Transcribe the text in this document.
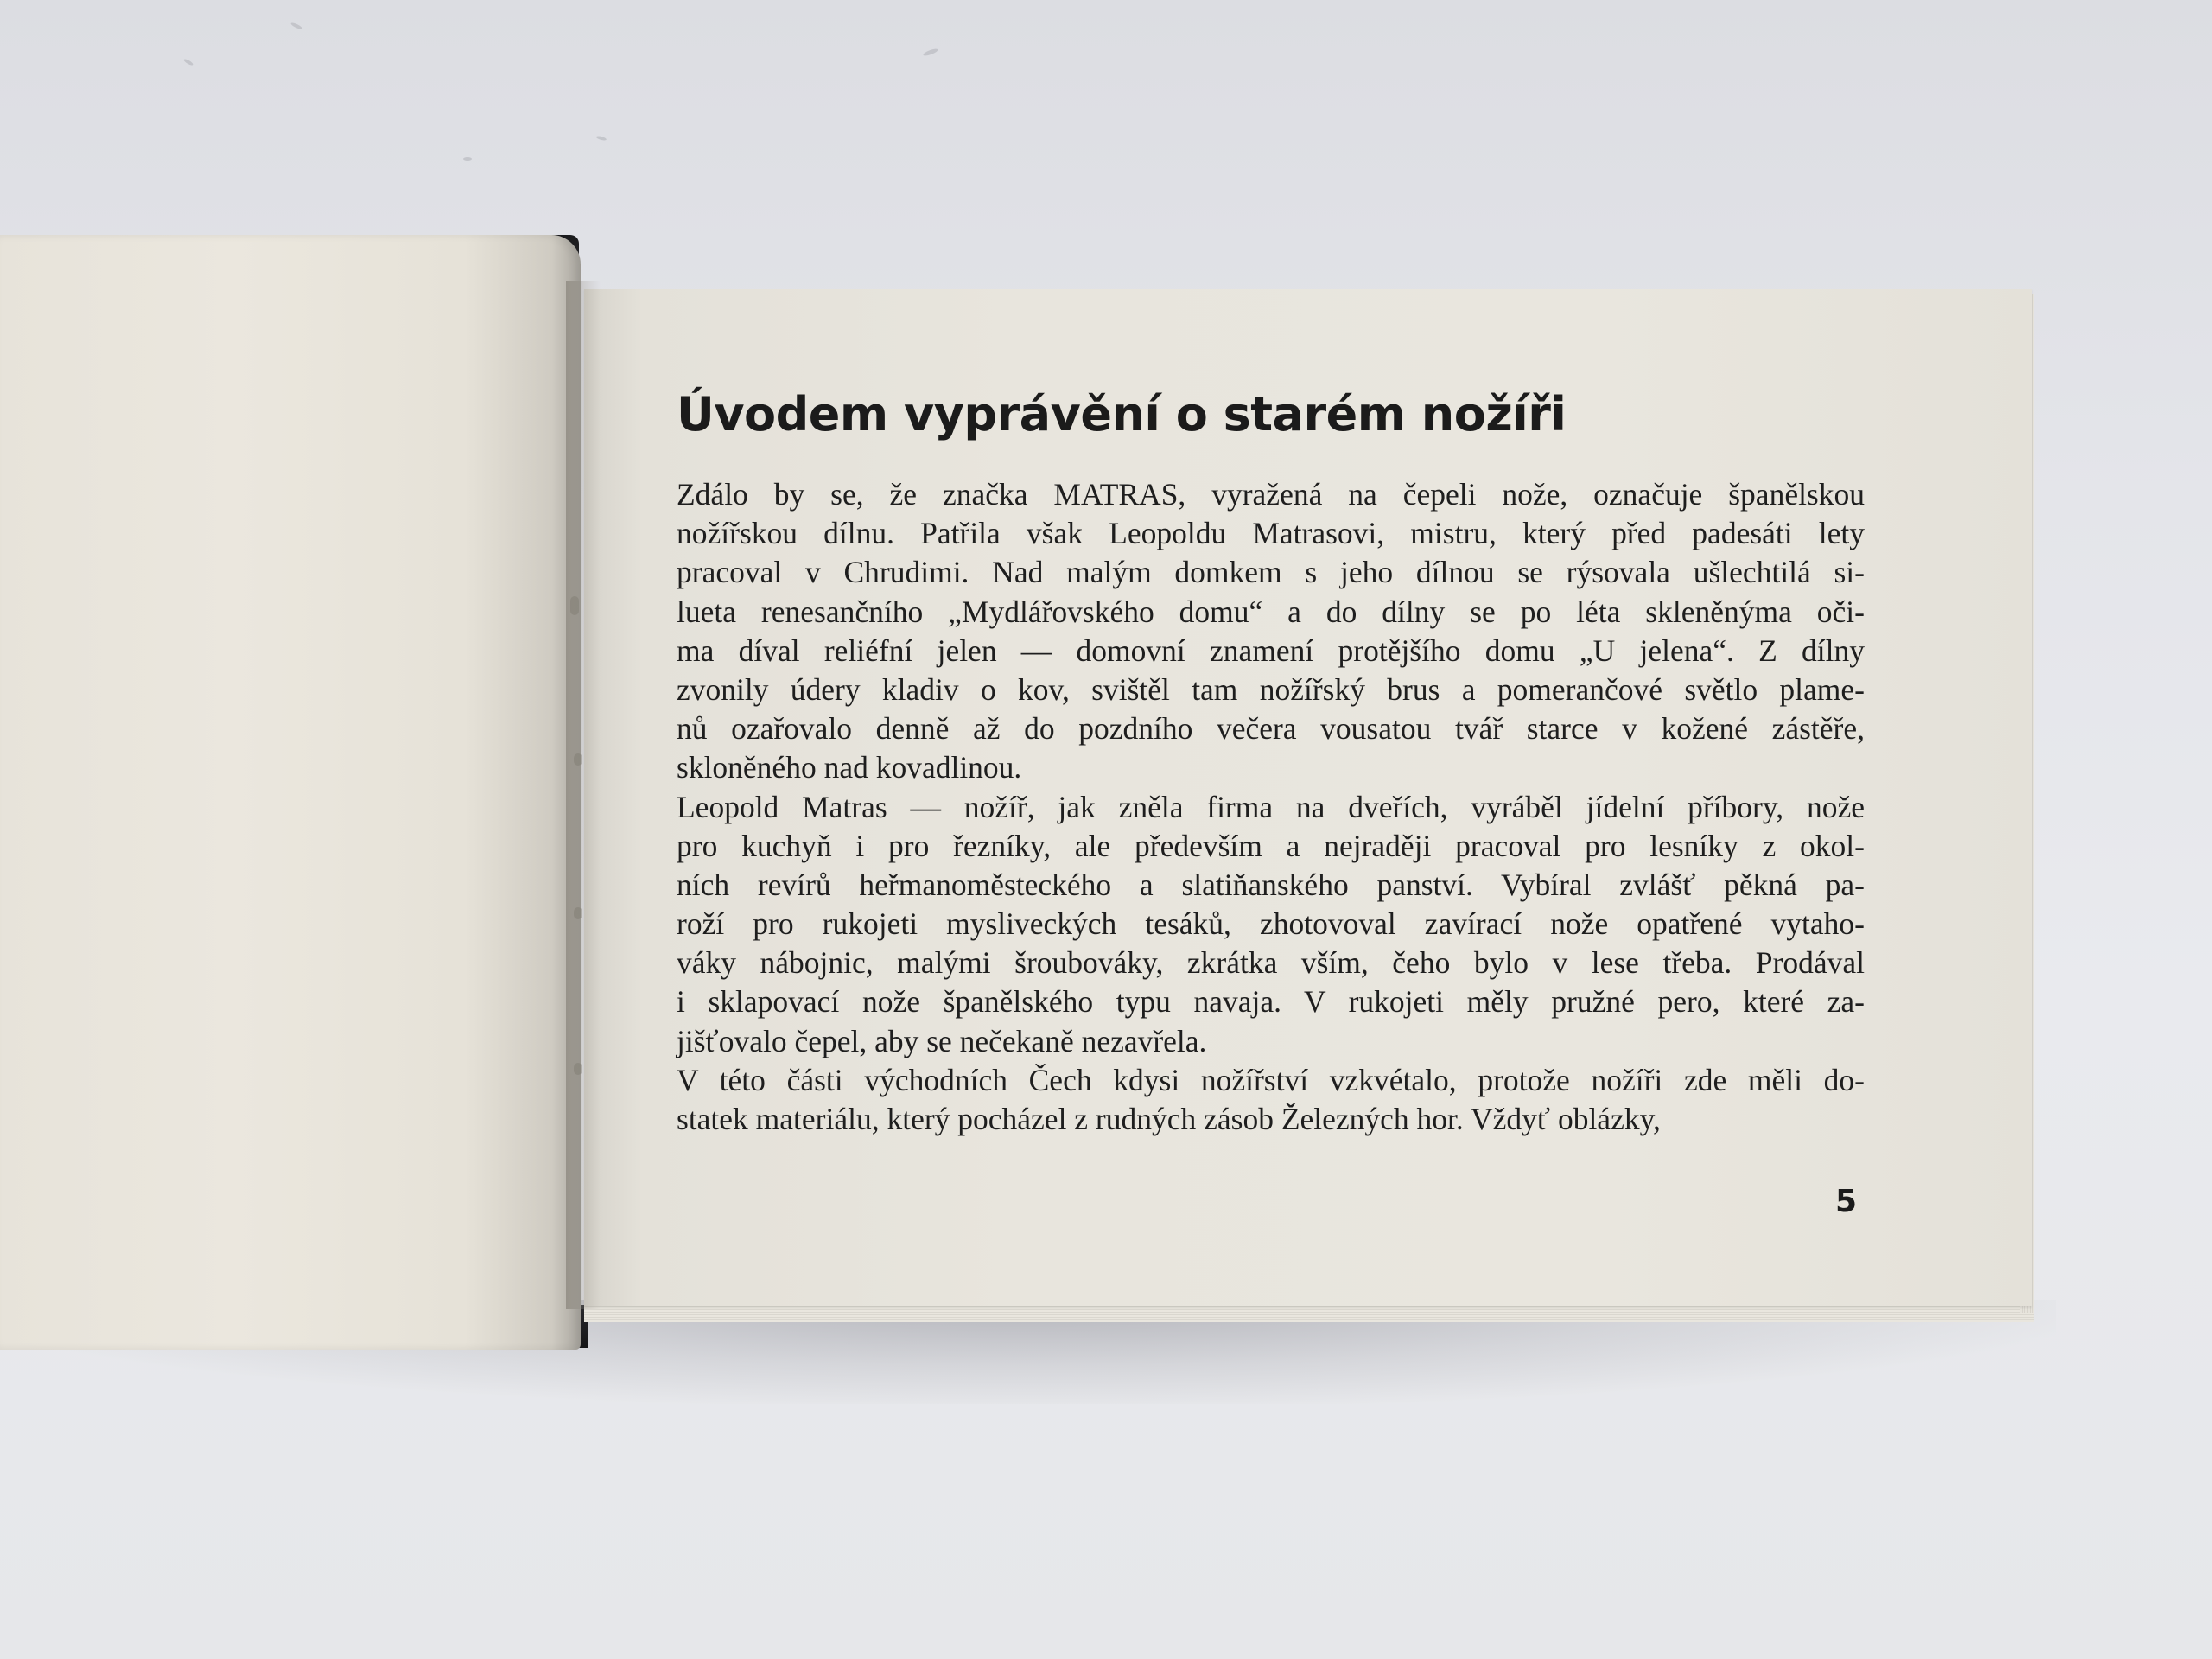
Úvodem vyprávění o starém nožíři
Zdálo by se, že značka MATRAS, vyražená na čepeli nože, označuje španělskou
nožířskou dílnu. Patřila však Leopoldu Matrasovi, mistru, který před padesáti lety
pracoval v Chrudimi. Nad malým domkem s jeho dílnou se rýsovala ušlechtilá si-
lueta renesančního „Mydlářovského domu“ a do dílny se po léta skleněnýma oči-
ma díval reliéfní jelen — domovní znamení protějšího domu „U jelena“. Z dílny
zvonily údery kladiv o kov, svištěl tam nožířský brus a pomerančové světlo plame-
nů ozařovalo denně až do pozdního večera vousatou tvář starce v kožené zástěře,
skloněného nad kovadlinou.
Leopold Matras — nožíř, jak zněla firma na dveřích, vyráběl jídelní příbory, nože
pro kuchyň i pro řezníky, ale především a nejraději pracoval pro lesníky z okol-
ních revírů heřmanoměsteckého a slatiňanského panství. Vybíral zvlášť pěkná pa-
roží pro rukojeti mysliveckých tesáků, zhotovoval zavírací nože opatřené vytaho-
váky nábojnic, malými šroubováky, zkrátka vším, čeho bylo v lese třeba. Prodával
i sklapovací nože španělského typu navaja. V rukojeti měly pružné pero, které za-
jišťovalo čepel, aby se nečekaně nezavřela.
V této části východních Čech kdysi nožířství vzkvétalo, protože nožíři zde měli do-
statek materiálu, který pocházel z rudných zásob Železných hor. Vždyť oblázky,
5
